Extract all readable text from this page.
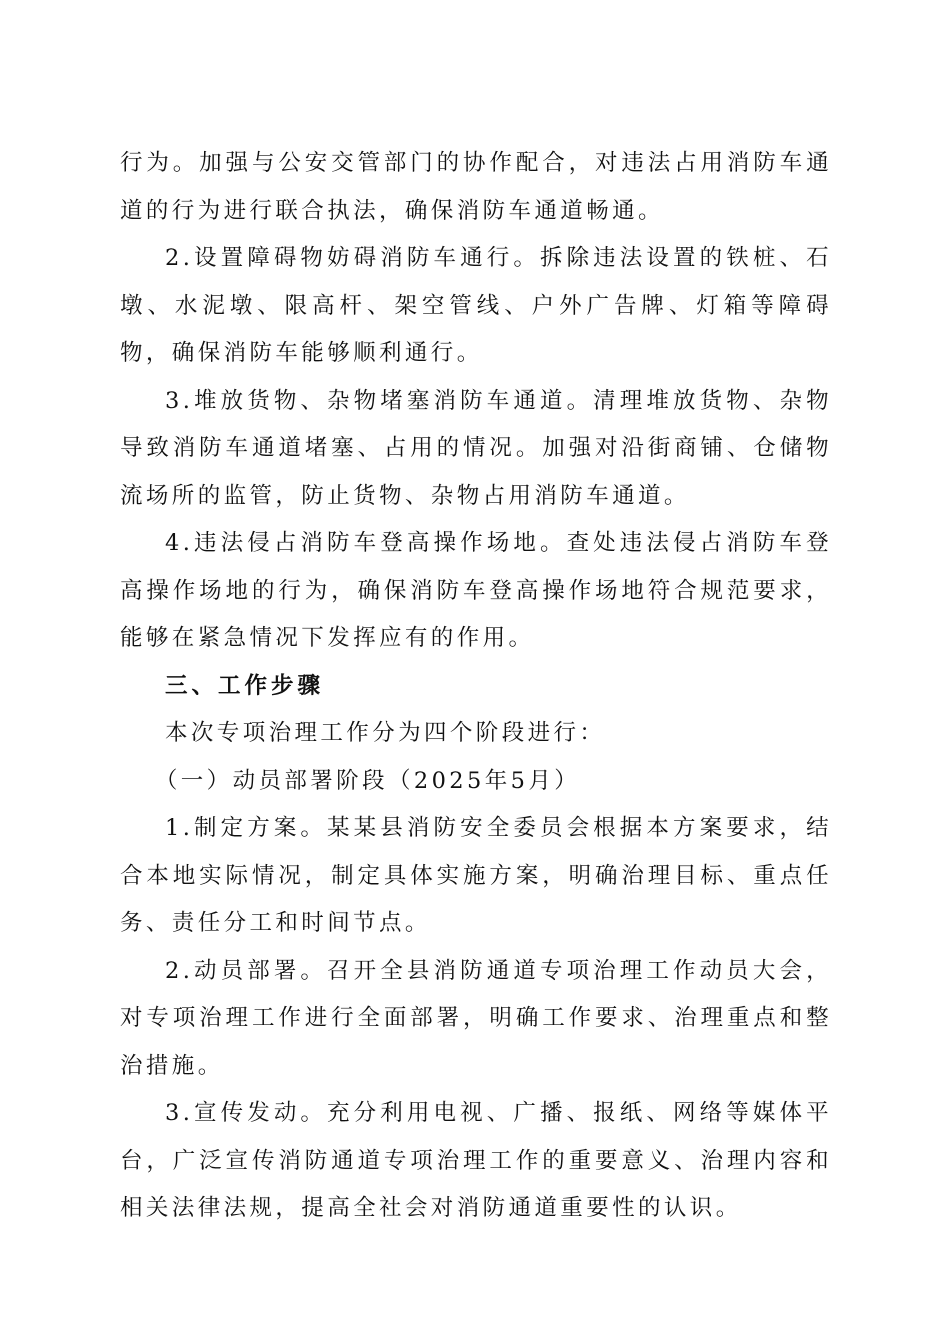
行为。加强与公安交管部门的协作配合，对违法占用消防车通道的行为进行联合执法，确保消防车通道畅通。

2.设置障碍物妨碍消防车通行。拆除违法设置的铁桩、石墩、水泥墩、限高杆、架空管线、户外广告牌、灯箱等障碍物，确保消防车能够顺利通行。

3.堆放货物、杂物堵塞消防车通道。清理堆放货物、杂物导致消防车通道堵塞、占用的情况。加强对沿街商铺、仓储物流场所的监管，防止货物、杂物占用消防车通道。

4.违法侵占消防车登高操作场地。查处违法侵占消防车登高操作场地的行为，确保消防车登高操作场地符合规范要求，能够在紧急情况下发挥应有的作用。

三、工作步骤

本次专项治理工作分为四个阶段进行：

（一）动员部署阶段（2025年5月）

1.制定方案。某某县消防安全委员会根据本方案要求，结合本地实际情况，制定具体实施方案，明确治理目标、重点任务、责任分工和时间节点。

2.动员部署。召开全县消防通道专项治理工作动员大会，对专项治理工作进行全面部署，明确工作要求、治理重点和整治措施。

3.宣传发动。充分利用电视、广播、报纸、网络等媒体平台，广泛宣传消防通道专项治理工作的重要意义、治理内容和相关法律法规，提高全社会对消防通道重要性的认识。
